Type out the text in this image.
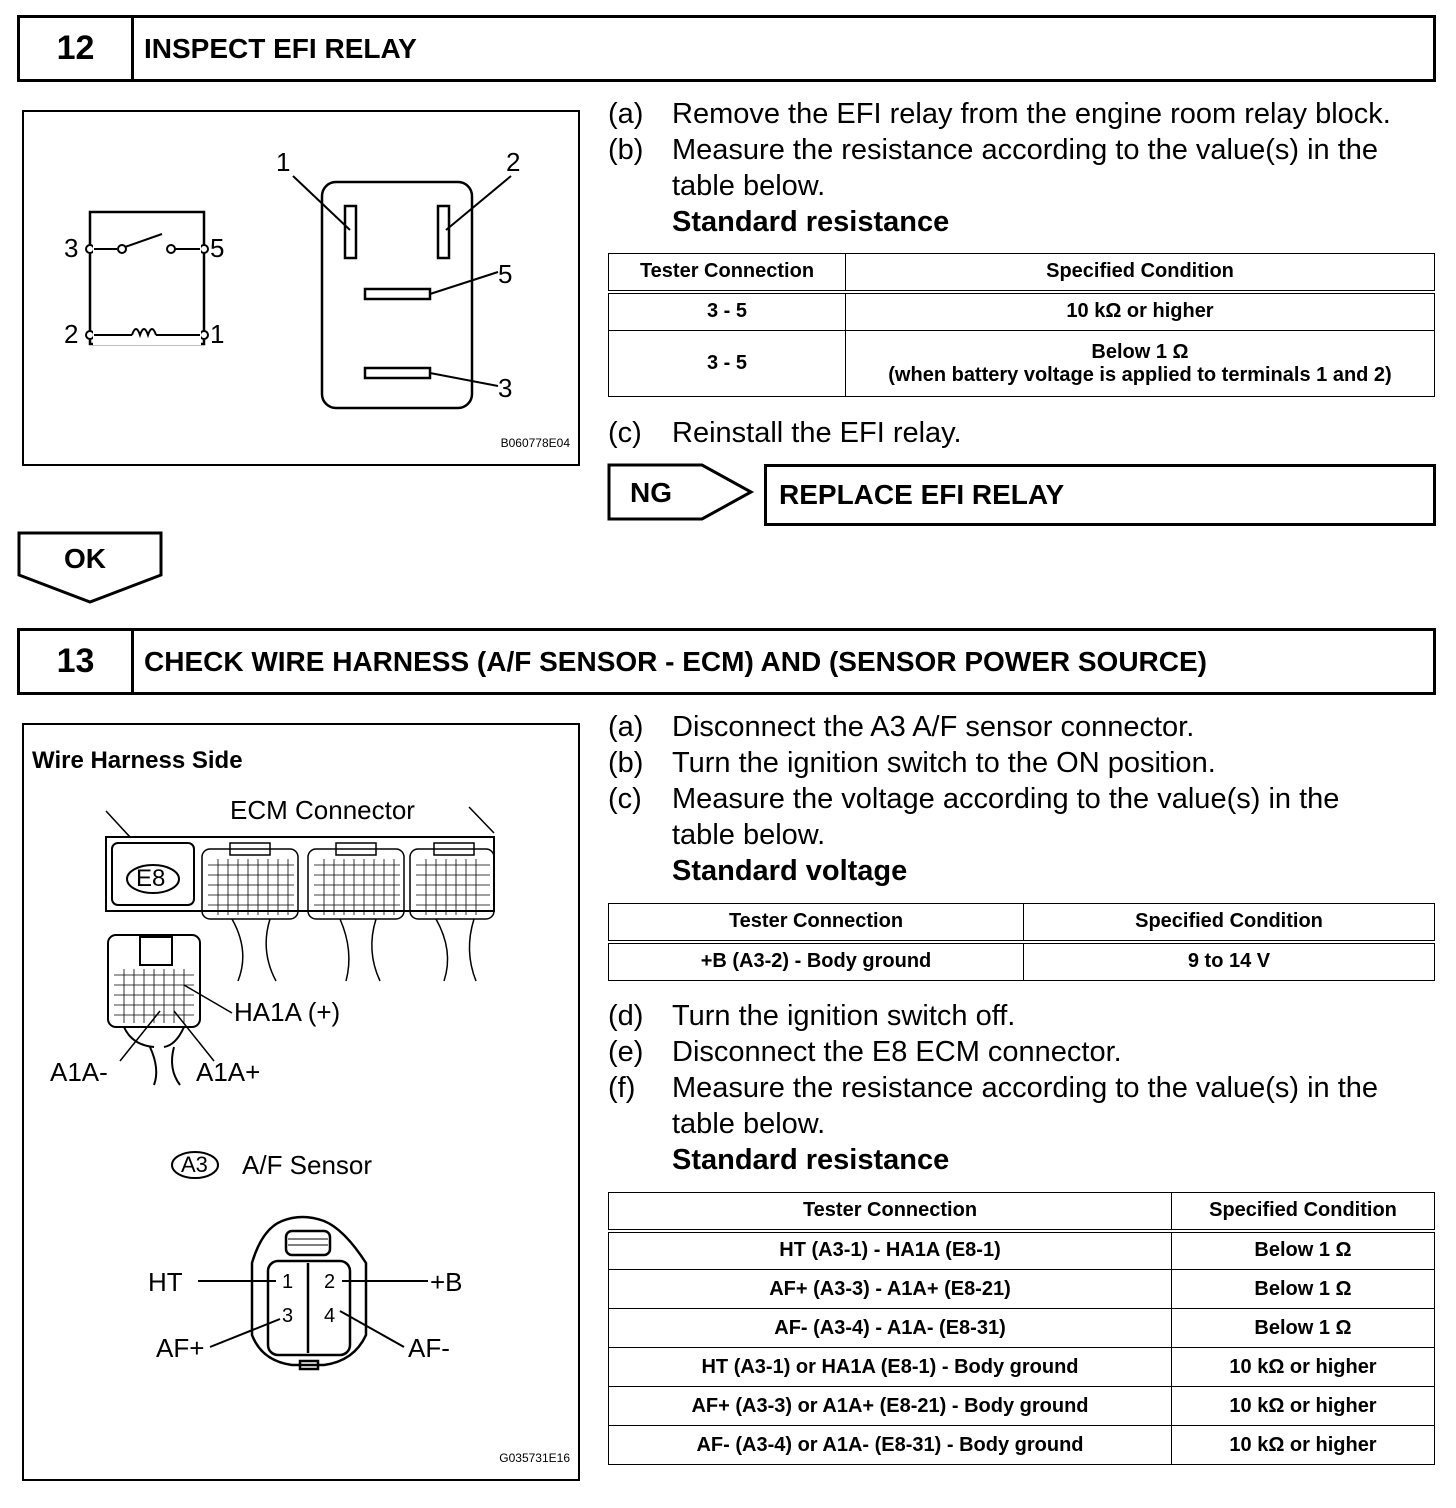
12	INSPECT EFI RELAY
1	2
5
3
3	5
2	1
B060778E04
(a) Remove the EFI relay from the engine room relay block.
(b) Measure the resistance according to the value(s) in the
table below.
Standard resistance
Tester Connection	Specified Condition
3 - 5	10 kΩ or higher
3 - 5	Below 1 Ω
(when battery voltage is applied to terminals 1 and 2)
(c)	Reinstall the EFI relay.
NG	REPLACE EFI RELAY
OK
13	CHECK WIRE HARNESS (A/F SENSOR - ECM) AND (SENSOR POWER SOURCE)
Wire Harness Side
ECM Connector
E8
HA1A (+)
A1A-	A1A+
A3 A/F Sensor
HT	+B
AF+	AF-
1 2
3 4
G035731E16
(a) Disconnect the A3 A/F sensor connector.
(b) Turn the ignition switch to the ON position.
(c)	Measure the voltage according to the value(s) in the
table below.
Standard voltage
Tester Connection	Specified Condition
+B (A3-2) - Body ground	9 to 14 V
(d) Turn the ignition switch off.
(e) Disconnect the E8 ECM connector.
(f)	Measure the resistance according to the value(s) in the
table below.
Standard resistance
Tester Connection	Specified Condition
HT (A3-1) - HA1A (E8-1)	Below 1 Ω
AF+ (A3-3) - A1A+ (E8-21)	Below 1 Ω
AF- (A3-4) - A1A- (E8-31)	Below 1 Ω
HT (A3-1) or HA1A (E8-1) - Body ground	10 kΩ or higher
AF+ (A3-3) or A1A+ (E8-21) - Body ground	10 kΩ or higher
AF- (A3-4) or A1A- (E8-31) - Body ground	10 kΩ or higher
